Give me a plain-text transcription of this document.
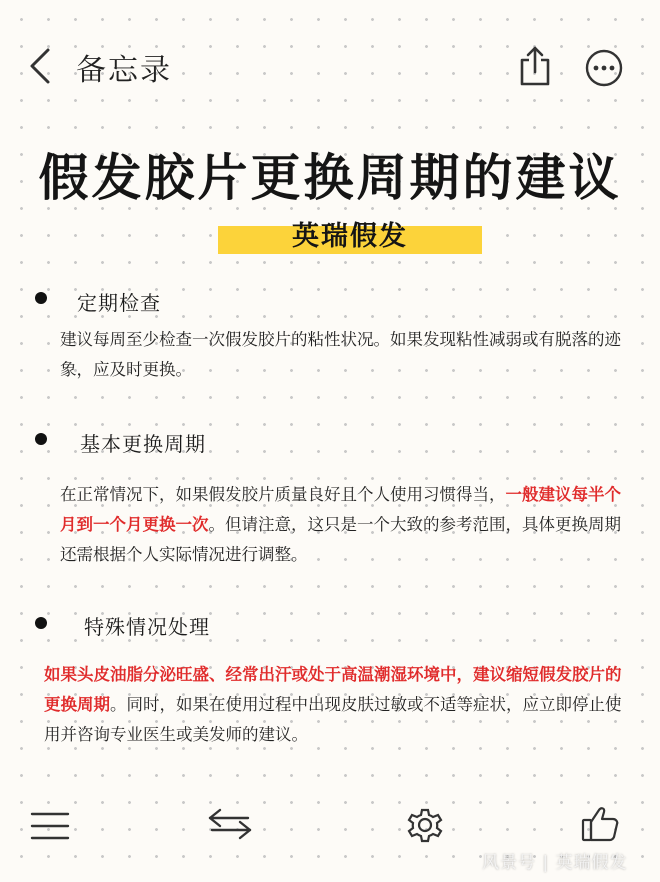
备忘录
假发胶片更换周期的建议
英瑞假发
定期检查
建议每周至少检查一次假发胶片的粘性状况。如果发现粘性减弱或有脱落的迹象，应及时更换。
基本更换周期
在正常情况下，如果假发胶片质量良好且个人使用习惯得当，一般建议每半个月到一个月更换一次。但请注意，这只是一个大致的参考范围，具体更换周期还需根据个人实际情况进行调整。
特殊情况处理
如果头皮油脂分泌旺盛、经常出汗或处于高温潮湿环境中，建议缩短假发胶片的更换周期。同时，如果在使用过程中出现皮肤过敏或不适等症状，应立即停止使用并咨询专业医生或美发师的建议。
风景号 | 英瑞假发
